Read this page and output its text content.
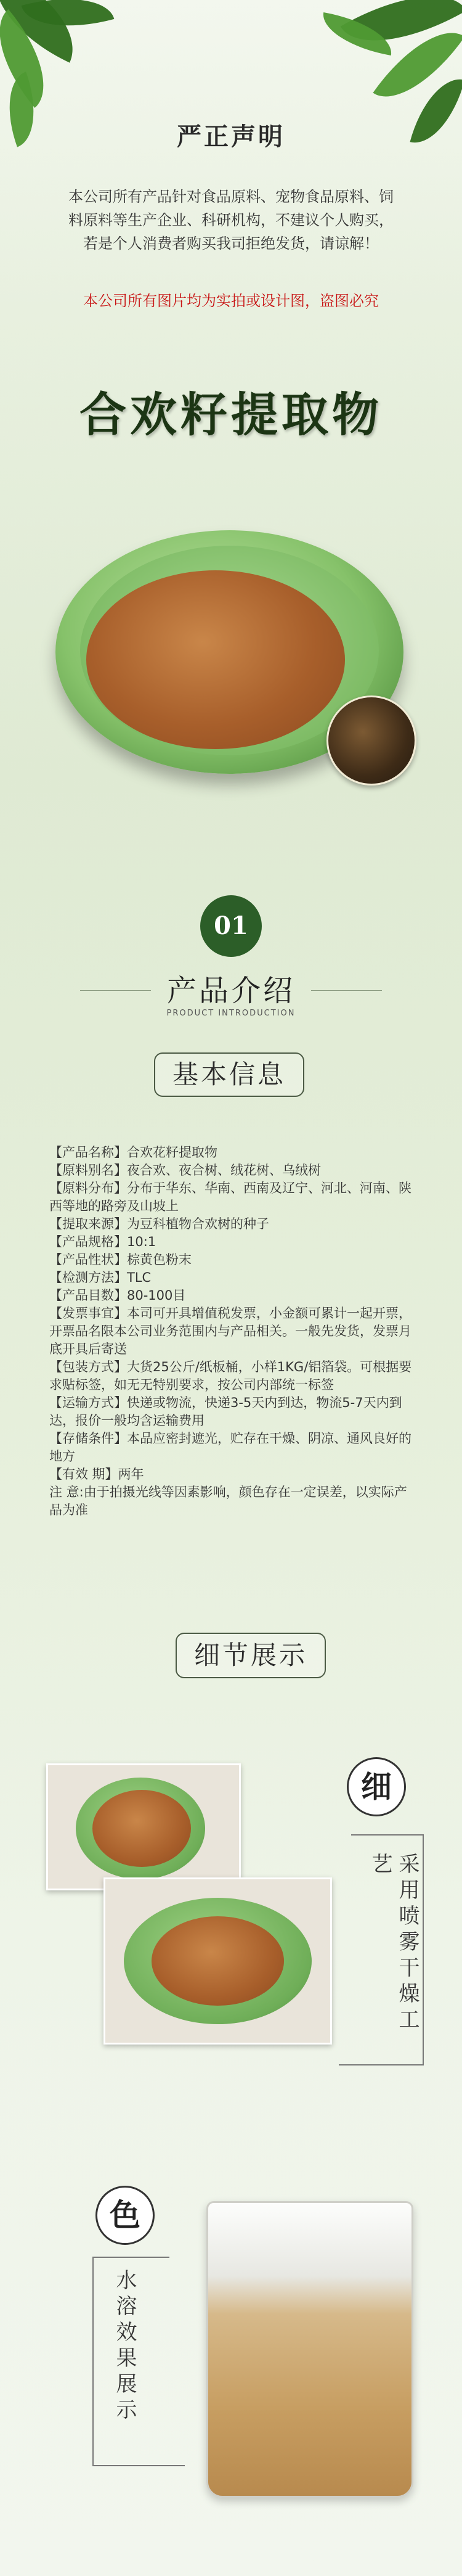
严正声明
本公司所有产品针对食品原料、宠物食品原料、饲料原料等生产企业、科研机构，不建议个人购买，若是个人消费者购买我司拒绝发货，请谅解！
本公司所有图片均为实拍或设计图，盗图必究
合欢籽提取物
01
产品介绍
PRODUCT INTRODUCTION
基本信息

【产品名称】合欢花籽提取物

【原料别名】夜合欢、夜合树、绒花树、乌绒树

【原料分布】分布于华东、华南、西南及辽宁、河北、河南、陕西等地的路旁及山坡上

【提取来源】为豆科植物合欢树的种子

【产品规格】10:1

【产品性状】棕黄色粉末

【检测方法】TLC

【产品目数】80-100目

【发票事宜】本司可开具增值税发票，小金额可累计一起开票，开票品名限本公司业务范围内与产品相关。一般先发货，发票月底开具后寄送

【包装方式】大货25公斤/纸板桶，小样1KG/铝箔袋。可根据要求贴标签，如无无特别要求，按公司内部统一标签

【运输方式】快递或物流，快递3-5天内到达，物流5-7天内到达，报价一般均含运输费用

【存储条件】本品应密封遮光，贮存在干燥、阴凉、通风良好的地方

【有效 期】两年

注 意:由于拍摄光线等因素影响，颜色存在一定误差，以实际产品为准

细节展示
细
采用喷雾干燥工艺
色
水溶效果展示
